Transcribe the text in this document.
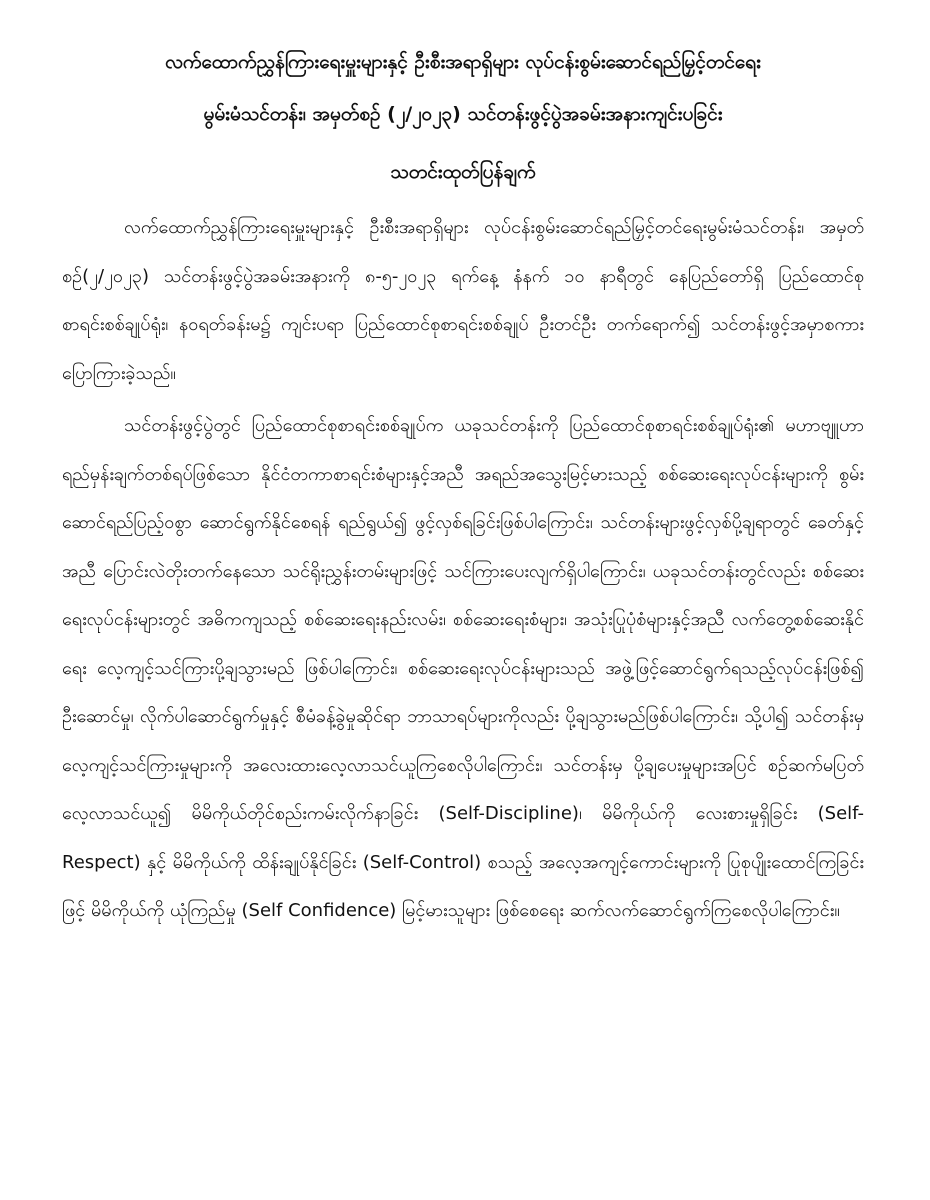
လက်ထောက်ညွှန်ကြားရေးမှူးများနှင့် ဦးစီးအရာရှိများ လုပ်ငန်းစွမ်းဆောင်ရည်မြှင့်တင်ရေး
မွမ်းမံသင်တန်း၊ အမှတ်စဉ် (၂/၂၀၂၃) သင်တန်းဖွင့်ပွဲအခမ်းအနားကျင်းပခြင်း
သတင်းထုတ်ပြန်ချက်

လက်ထောက်ညွှန်ကြားရေးမှူးများနှင့် ဦးစီးအရာရှိများ လုပ်ငန်းစွမ်းဆောင်ရည်မြှင့်တင်ရေးမွမ်းမံသင်တန်း၊ အမှတ်စဉ်(၂/၂၀၂၃) သင်တန်းဖွင့်ပွဲအခမ်းအနားကို ၈-၅-၂၀၂၃ ရက်နေ့ နံနက် ၁၀ နာရီတွင် နေပြည်တော်ရှိ ပြည်ထောင်စုစာရင်းစစ်ချုပ်ရုံး၊ န၀ရတ်ခန်းမ၌ ကျင်းပရာ ပြည်ထောင်စုစာရင်းစစ်ချုပ် ဦးတင်ဦး တက်ရောက်၍ သင်တန်းဖွင့်အမှာစကား ပြောကြားခဲ့သည်။

သင်တန်းဖွင့်ပွဲတွင် ပြည်ထောင်စုစာရင်းစစ်ချုပ်က ယခုသင်တန်းကို ပြည်ထောင်စုစာရင်းစစ်ချုပ်ရုံး၏ မဟာဗျူဟာရည်မှန်းချက်တစ်ရပ်ဖြစ်သော နိုင်ငံတကာစာရင်းစံများနှင့်အညီ အရည်အသွေးမြင့်မားသည့် စစ်ဆေးရေးလုပ်ငန်းများကို စွမ်းဆောင်ရည်ပြည့်ဝစွာ ဆောင်ရွက်နိုင်စေရန် ရည်ရွယ်၍ ဖွင့်လှစ်ရခြင်းဖြစ်ပါကြောင်း၊ သင်တန်းများဖွင့်လှစ်ပို့ချရာတွင် ခေတ်နှင့်အညီ ပြောင်းလဲတိုးတက်နေသော သင်ရိုးညွှန်းတမ်းများဖြင့် သင်ကြားပေးလျက်ရှိပါကြောင်း၊ ယခုသင်တန်းတွင်လည်း စစ်ဆေးရေးလုပ်ငန်းများတွင် အဓိကကျသည့် စစ်ဆေးရေးနည်းလမ်း၊ စစ်ဆေးရေးစံများ၊ အသုံးပြုပုံစံများနှင့်အညီ လက်တွေ့စစ်ဆေးနိုင်ရေး လေ့ကျင့်သင်ကြားပို့ချသွားမည် ဖြစ်ပါကြောင်း၊ စစ်ဆေးရေးလုပ်ငန်းများသည် အဖွဲ့ဖြင့်ဆောင်ရွက်ရသည့်လုပ်ငန်းဖြစ်၍ ဦးဆောင်မှု၊ လိုက်ပါဆောင်ရွက်မှုနှင့် စီမံခန့်ခွဲမှုဆိုင်ရာ ဘာသာရပ်များကိုလည်း ပို့ချသွားမည်ဖြစ်ပါကြောင်း၊ သို့ပါ၍ သင်တန်းမှ လေ့ကျင့်သင်ကြားမှုများကို အလေးထားလေ့လာသင်ယူကြစေလိုပါကြောင်း၊ သင်တန်းမှ ပို့ချပေးမှုများအပြင် စဉ်ဆက်မပြတ်လေ့လာသင်ယူ၍ မိမိကိုယ်တိုင်စည်းကမ်းလိုက်နာခြင်း (Self-Discipline)၊ မိမိကိုယ်ကို လေးစားမှုရှိခြင်း (Self-Respect) နှင့် မိမိကိုယ်ကို ထိန်းချုပ်နိုင်ခြင်း (Self-Control) စသည့် အလေ့အကျင့်ကောင်းများကို ပြုစုပျိုးထောင်ကြခြင်းဖြင့် မိမိကိုယ်ကို ယုံကြည်မှု (Self Confidence) မြင့်မားသူများ ဖြစ်စေရေး ဆက်လက်ဆောင်ရွက်ကြစေလိုပါကြောင်း။
